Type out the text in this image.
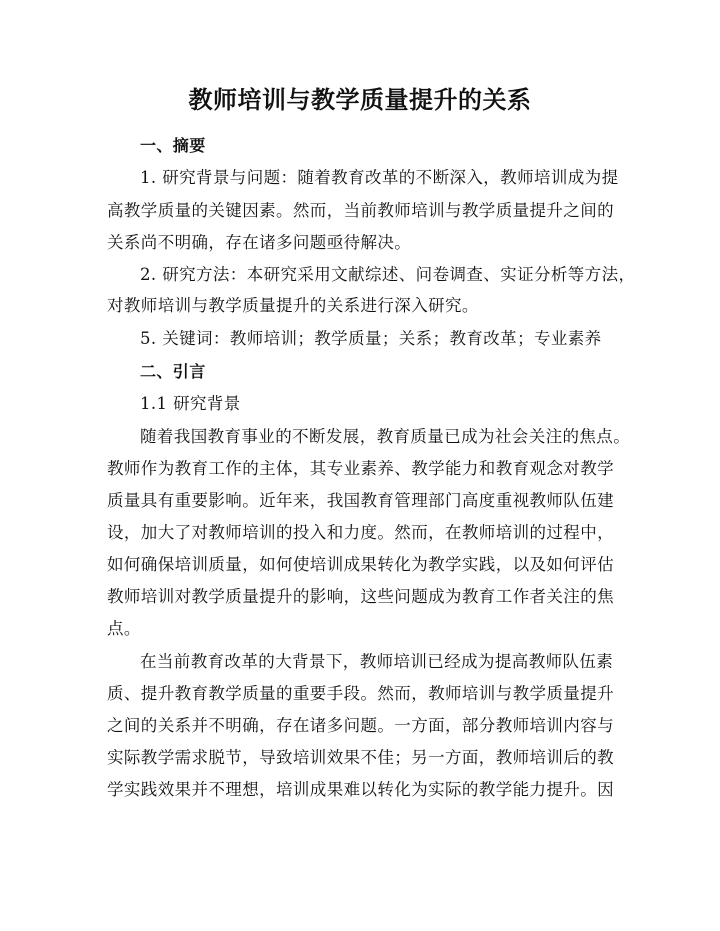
教师培训与教学质量提升的关系
一、摘要
1. 研究背景与问题：随着教育改革的不断深入，教师培训成为提
高教学质量的关键因素。然而，当前教师培训与教学质量提升之间的
关系尚不明确，存在诸多问题亟待解决。
2. 研究方法：本研究采用文献综述、问卷调查、实证分析等方法，
对教师培训与教学质量提升的关系进行深入研究。
5. 关键词：教师培训；教学质量；关系；教育改革；专业素养
二、引言
1.1 研究背景
随着我国教育事业的不断发展，教育质量已成为社会关注的焦点。
教师作为教育工作的主体，其专业素养、教学能力和教育观念对教学
质量具有重要影响。近年来，我国教育管理部门高度重视教师队伍建
设，加大了对教师培训的投入和力度。然而，在教师培训的过程中，
如何确保培训质量，如何使培训成果转化为教学实践，以及如何评估
教师培训对教学质量提升的影响，这些问题成为教育工作者关注的焦
点。
在当前教育改革的大背景下，教师培训已经成为提高教师队伍素
质、提升教育教学质量的重要手段。然而，教师培训与教学质量提升
之间的关系并不明确，存在诸多问题。一方面，部分教师培训内容与
实际教学需求脱节，导致培训效果不佳；另一方面，教师培训后的教
学实践效果并不理想，培训成果难以转化为实际的教学能力提升。因
